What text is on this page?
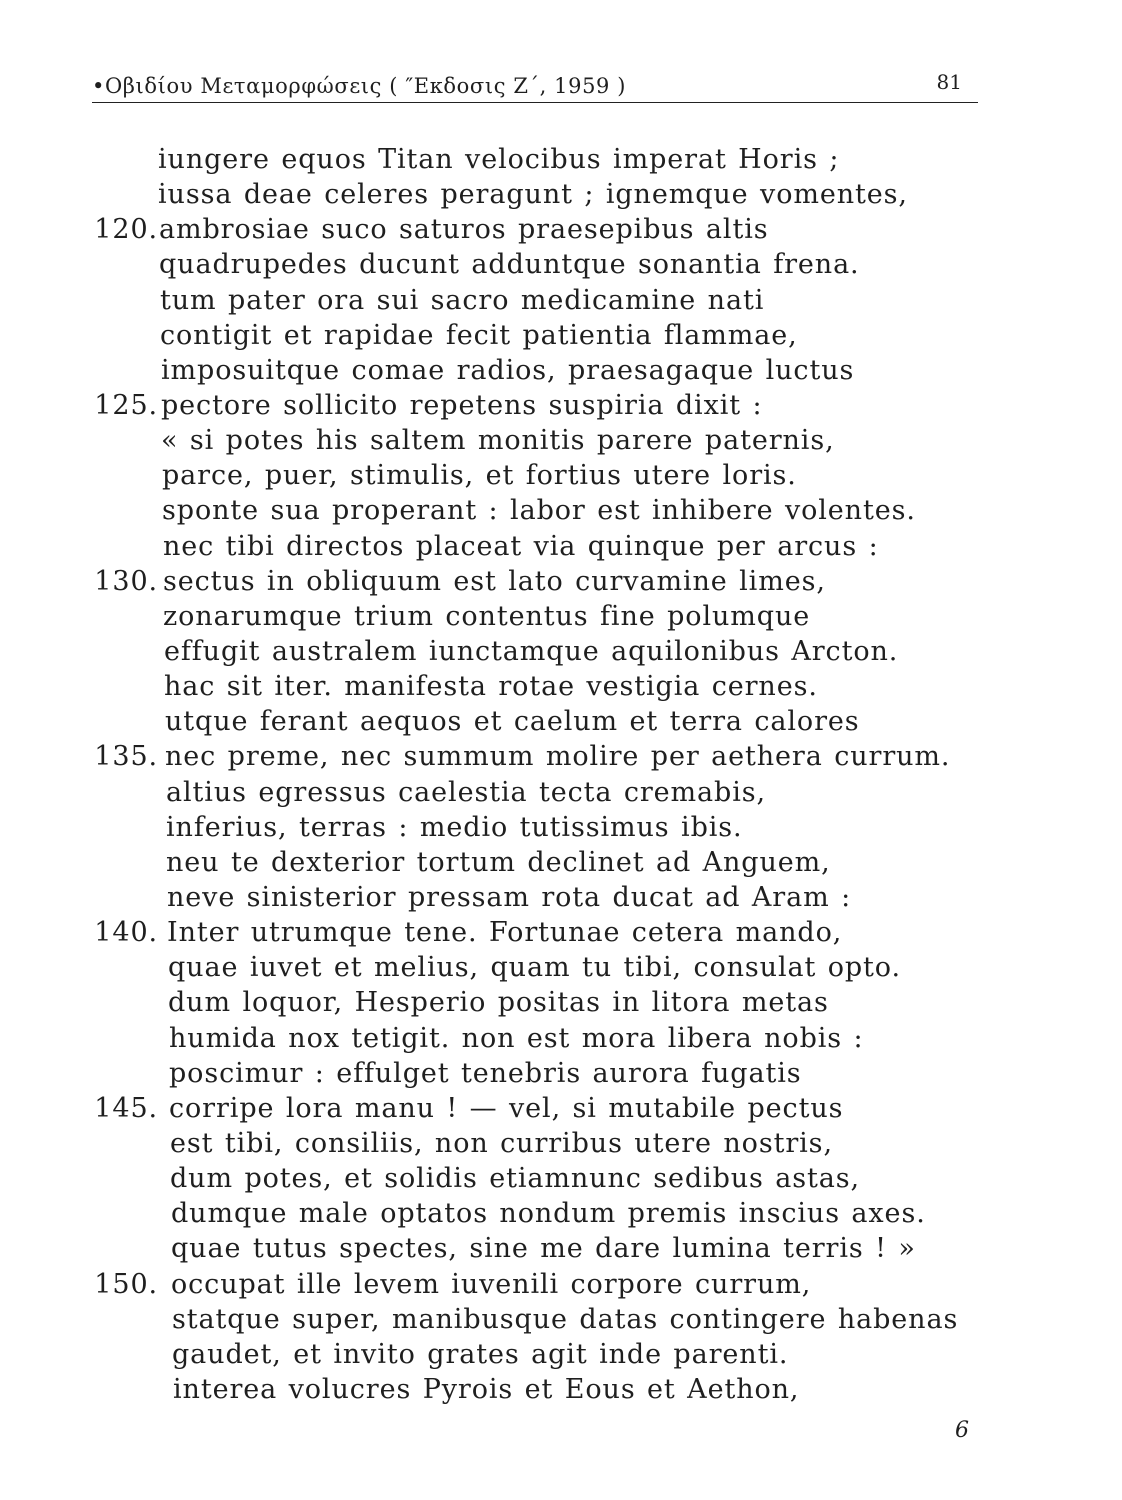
•Οβιδίου Μεταμορφώσεις ( ″Εκδοσις Ζ΄, 1959 )	81
iungere equos Titan velocibus imperat Horis ;
iussa deae celeres peragunt ; ignemque vomentes,
120. ambrosiae suco saturos praesepibus altis
quadrupedes ducunt adduntque sonantia frena.
tum pater ora sui sacro medicamine nati
contigit et rapidae fecit patientia flammae,
imposuitque comae radios, praesagaque luctus
125. pectore sollicito repetens suspiria dixit :
« si potes his saltem monitis parere paternis,
parce, puer, stimulis, et fortius utere loris.
sponte sua properant : labor est inhibere volentes.
nec tibi directos placeat via quinque per arcus :
130. sectus in obliquum est lato curvamine limes,
zonarumque trium contentus fine polumque
effugit australem iunctamque aquilonibus Arcton.
hac sit iter. manifesta rotae vestigia cernes.
utque ferant aequos et caelum et terra calores
135. nec preme, nec summum molire per aethera currum.
altius egressus caelestia tecta cremabis,
inferius, terras : medio tutissimus ibis.
neu te dexterior tortum declinet ad Anguem,
neve sinisterior pressam rota ducat ad Aram :
140. Inter utrumque tene. Fortunae cetera mando,
quae iuvet et melius, quam tu tibi, consulat opto.
dum loquor, Hesperio positas in litora metas
humida nox tetigit. non est mora libera nobis :
poscimur : effulget tenebris aurora fugatis
145. corripe lora manu ! — vel, si mutabile pectus
est tibi, consiliis, non curribus utere nostris,
dum potes, et solidis etiamnunc sedibus astas,
dumque male optatos nondum premis inscius axes.
quae tutus spectes, sine me dare lumina terris ! »
150. occupat ille levem iuvenili corpore currum,
statque super, manibusque datas contingere habenas
gaudet, et invito grates agit inde parenti.
interea volucres Pyrois et Eous et Aethon,
6
